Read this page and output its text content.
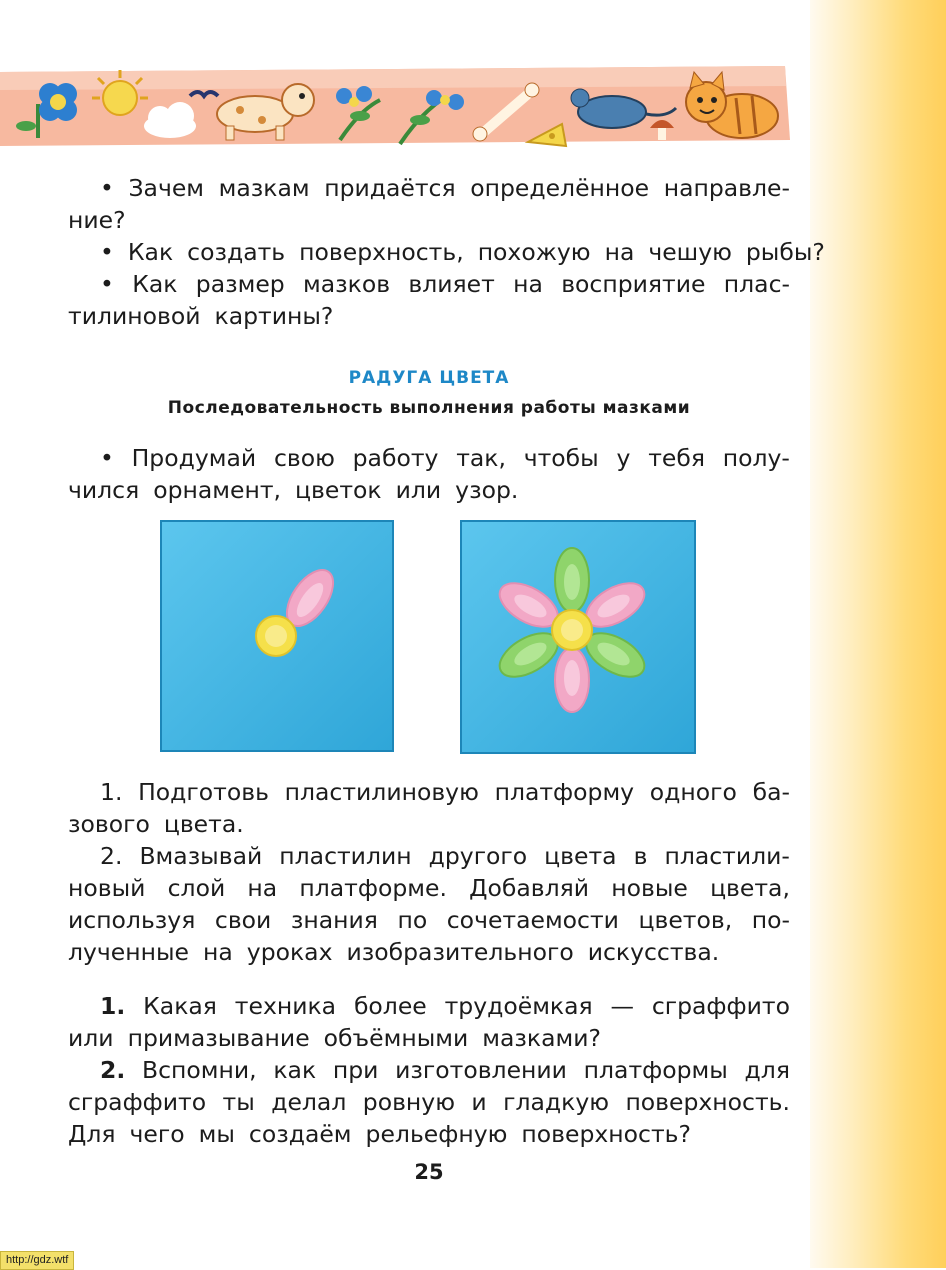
• Зачем мазкам придаётся определённое направле-
ние?
• Как создать поверхность, похожую на чешую рыбы?
• Как размер мазков влияет на восприятие плас-
тилиновой картины?
РАДУГА ЦВЕТА
Последовательность выполнения работы мазками
• Продумай свою работу так, чтобы у тебя полу-
чился орнамент, цветок или узор.
1. Подготовь пластилиновую платформу одного ба-
зового цвета.
2. Вмазывай пластилин другого цвета в пластили-
новый слой на платформе. Добавляй новые цвета,
используя свои знания по сочетаемости цветов, по-
лученные на уроках изобразительного искусства.
1. Какая техника более трудоёмкая — сграффито
или примазывание объёмными мазками?
2. Вспомни, как при изготовлении платформы для
сграффито ты делал ровную и гладкую поверхность.
Для чего мы создаём рельефную поверхность?
25
http://gdz.wtf
